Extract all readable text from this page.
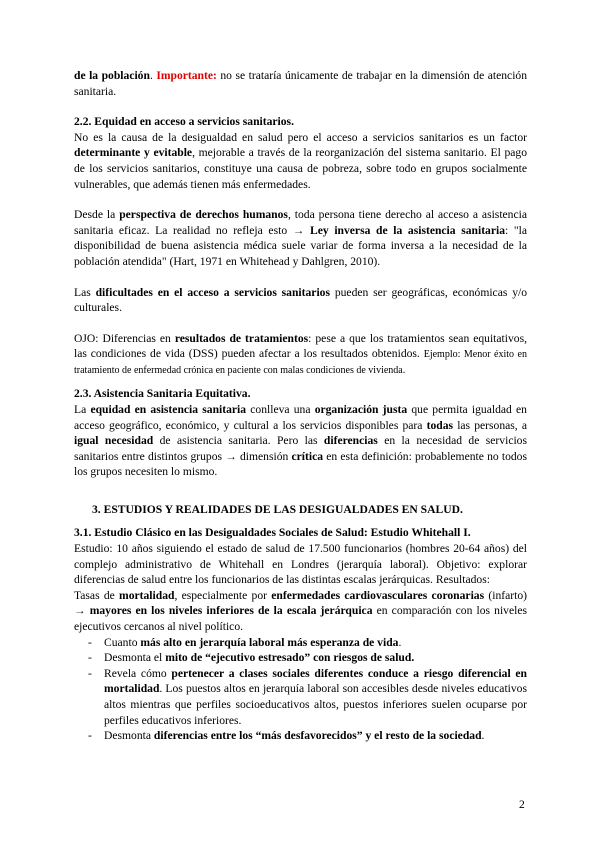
de la población. Importante: no se trataría únicamente de trabajar en la dimensión de atención sanitaria.

2.2. Equidad en acceso a servicios sanitarios.

No es la causa de la desigualdad en salud pero el acceso a servicios sanitarios es un factor determinante y evitable, mejorable a través de la reorganización del sistema sanitario. El pago de los servicios sanitarios, constituye una causa de pobreza, sobre todo en grupos socialmente vulnerables, que además tienen más enfermedades.

Desde la perspectiva de derechos humanos, toda persona tiene derecho al acceso a asistencia sanitaria eficaz. La realidad no refleja esto → Ley inversa de la asistencia sanitaria: "la disponibilidad de buena asistencia médica suele variar de forma inversa a la necesidad de la población atendida" (Hart, 1971 en Whitehead y Dahlgren, 2010).

Las dificultades en el acceso a servicios sanitarios pueden ser geográficas, económicas y/o culturales.

OJO: Diferencias en resultados de tratamientos: pese a que los tratamientos sean equitativos, las condiciones de vida (DSS) pueden afectar a los resultados obtenidos. Ejemplo: Menor éxito en tratamiento de enfermedad crónica en paciente con malas condiciones de vivienda.

2.3. Asistencia Sanitaria Equitativa.

La equidad en asistencia sanitaria conlleva una organización justa que permita igualdad en acceso geográfico, económico, y cultural a los servicios disponibles para todas las personas, a igual necesidad de asistencia sanitaria. Pero las diferencias en la necesidad de servicios sanitarios entre distintos grupos → dimensión crítica en esta definición: probablemente no todos los grupos necesiten lo mismo.

3. ESTUDIOS Y REALIDADES DE LAS DESIGUALDADES EN SALUD.

3.1. Estudio Clásico en las Desigualdades Sociales de Salud: Estudio Whitehall I.

Estudio: 10 años siguiendo el estado de salud de 17.500 funcionarios (hombres 20-64 años) del complejo administrativo de Whitehall en Londres (jerarquía laboral). Objetivo: explorar diferencias de salud entre los funcionarios de las distintas escalas jerárquicas. Resultados:

Tasas de mortalidad, especialmente por enfermedades cardiovasculares coronarias (infarto) → mayores en los niveles inferiores de la escala jerárquica en comparación con los niveles ejecutivos cercanos al nivel político.

- Cuanto más alto en jerarquía laboral más esperanza de vida.
- Desmonta el mito de “ejecutivo estresado” con riesgos de salud.
- Revela cómo pertenecer a clases sociales diferentes conduce a riesgo diferencial en mortalidad. Los puestos altos en jerarquía laboral son accesibles desde niveles educativos altos mientras que perfiles socioeducativos altos, puestos inferiores suelen ocuparse por perfiles educativos inferiores.
- Desmonta diferencias entre los “más desfavorecidos” y el resto de la sociedad.
2
